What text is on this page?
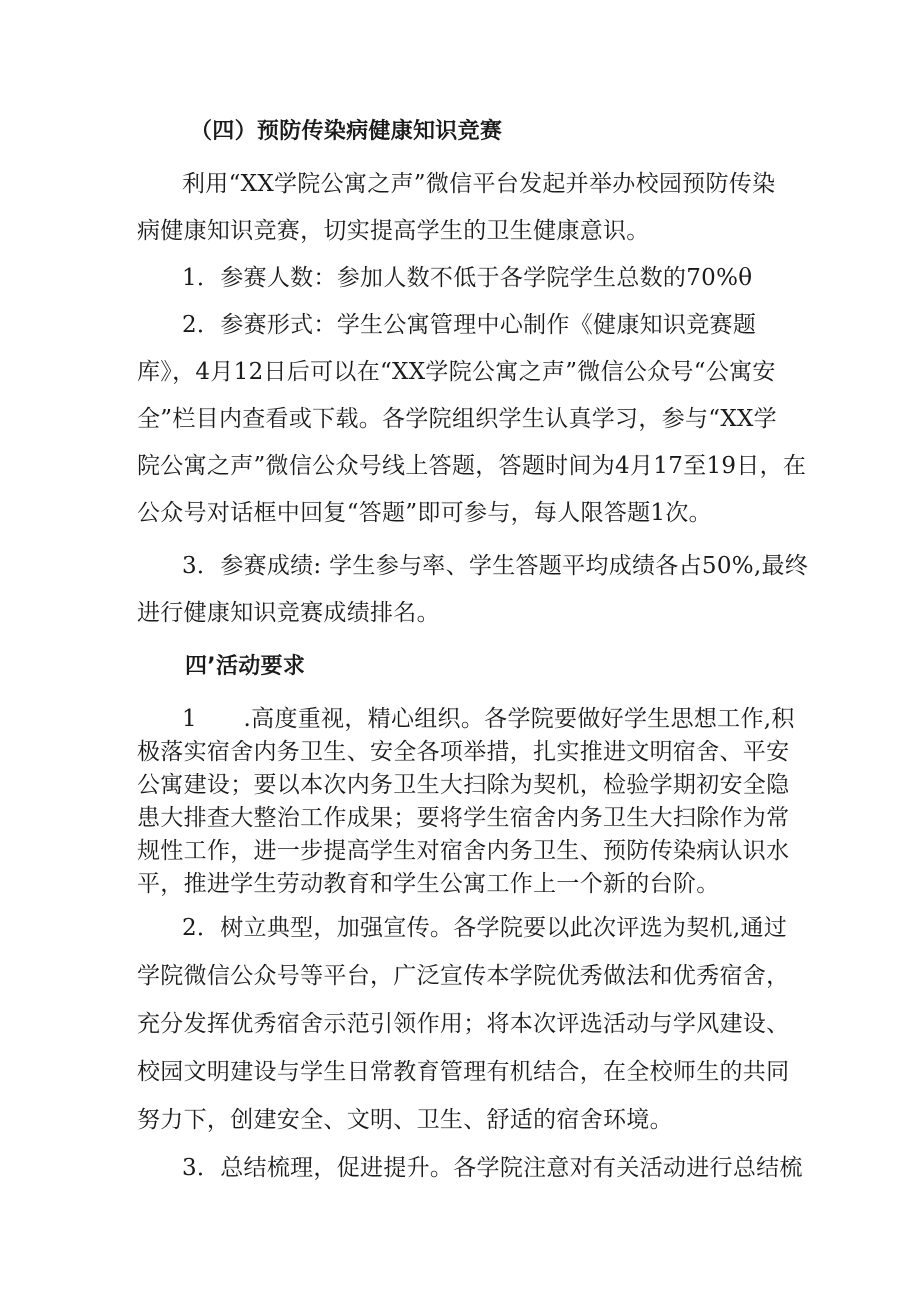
（四）预防传染病健康知识竞赛
利用“XX学院公寓之声”微信平台发起并举办校园预防传染
病健康知识竞赛，切实提高学生的卫生健康意识。
1．参赛人数：参加人数不低于各学院学生总数的70%θ
2．参赛形式：学生公寓管理中心制作《健康知识竞赛题
库》，4月12日后可以在“XX学院公寓之声”微信公众号“公寓安
全”栏目内查看或下载。各学院组织学生认真学习，参与“XX学
院公寓之声”微信公众号线上答题，答题时间为4月17至19日，在
公众号对话框中回复“答题”即可参与，每人限答题1次。
3．参赛成绩: 学生参与率、学生答题平均成绩各占50%,最终
进行健康知识竞赛成绩排名。
四’活动要求
1　　.高度重视，精心组织。各学院要做好学生思想工作,积
极落实宿舍内务卫生、安全各项举措，扎实推进文明宿舍、平安
公寓建设；要以本次内务卫生大扫除为契机，检验学期初安全隐
患大排查大整治工作成果；要将学生宿舍内务卫生大扫除作为常
规性工作，进一步提高学生对宿舍内务卫生、预防传染病认识水
平，推进学生劳动教育和学生公寓工作上一个新的台阶。
2．树立典型，加强宣传。各学院要以此次评选为契机,通过
学院微信公众号等平台，广泛宣传本学院优秀做法和优秀宿舍，
充分发挥优秀宿舍示范引领作用；将本次评选活动与学风建设、
校园文明建设与学生日常教育管理有机结合，在全校师生的共同
努力下，创建安全、文明、卫生、舒适的宿舍环境。
3．总结梳理，促进提升。各学院注意对有关活动进行总结梳
